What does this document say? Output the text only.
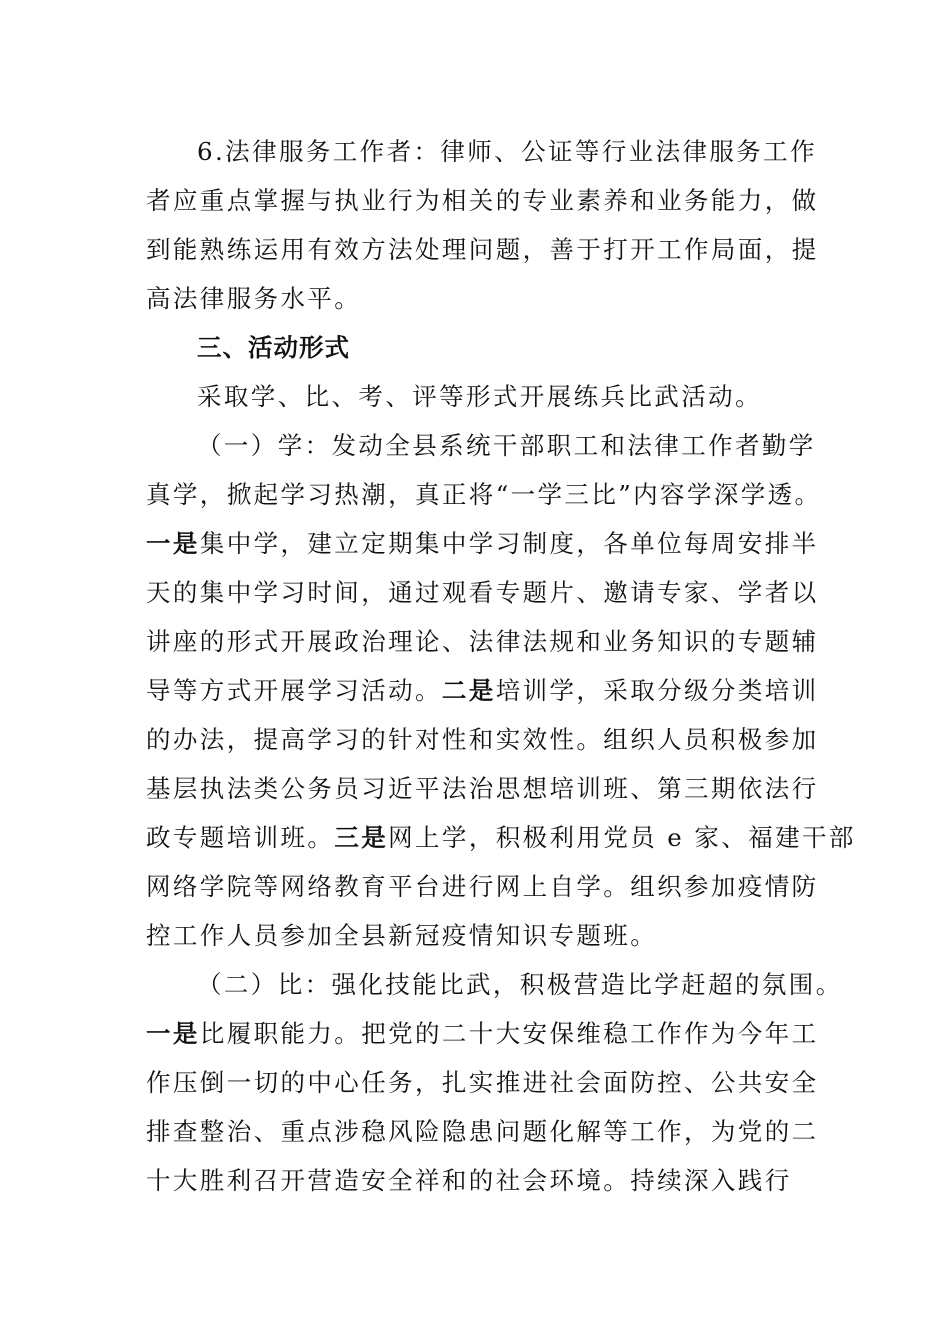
6.法律服务工作者：律师、公证等行业法律服务工作
者应重点掌握与执业行为相关的专业素养和业务能力，做
到能熟练运用有效方法处理问题，善于打开工作局面，提
高法律服务水平。
三、活动形式
采取学、比、考、评等形式开展练兵比武活动。
（一）学：发动全县系统干部职工和法律工作者勤学
真学，掀起学习热潮，真正将“一学三比”内容学深学透。
一是集中学，建立定期集中学习制度，各单位每周安排半
天的集中学习时间，通过观看专题片、邀请专家、学者以
讲座的形式开展政治理论、法律法规和业务知识的专题辅
导等方式开展学习活动。二是培训学，采取分级分类培训
的办法，提高学习的针对性和实效性。组织人员积极参加
基层执法类公务员习近平法治思想培训班、第三期依法行
政专题培训班。三是网上学，积极利用党员 e 家、福建干部
网络学院等网络教育平台进行网上自学。组织参加疫情防
控工作人员参加全县新冠疫情知识专题班。
（二）比：强化技能比武，积极营造比学赶超的氛围。
一是比履职能力。把党的二十大安保维稳工作作为今年工
作压倒一切的中心任务，扎实推进社会面防控、公共安全
排查整治、重点涉稳风险隐患问题化解等工作，为党的二
十大胜利召开营造安全祥和的社会环境。持续深入践行
